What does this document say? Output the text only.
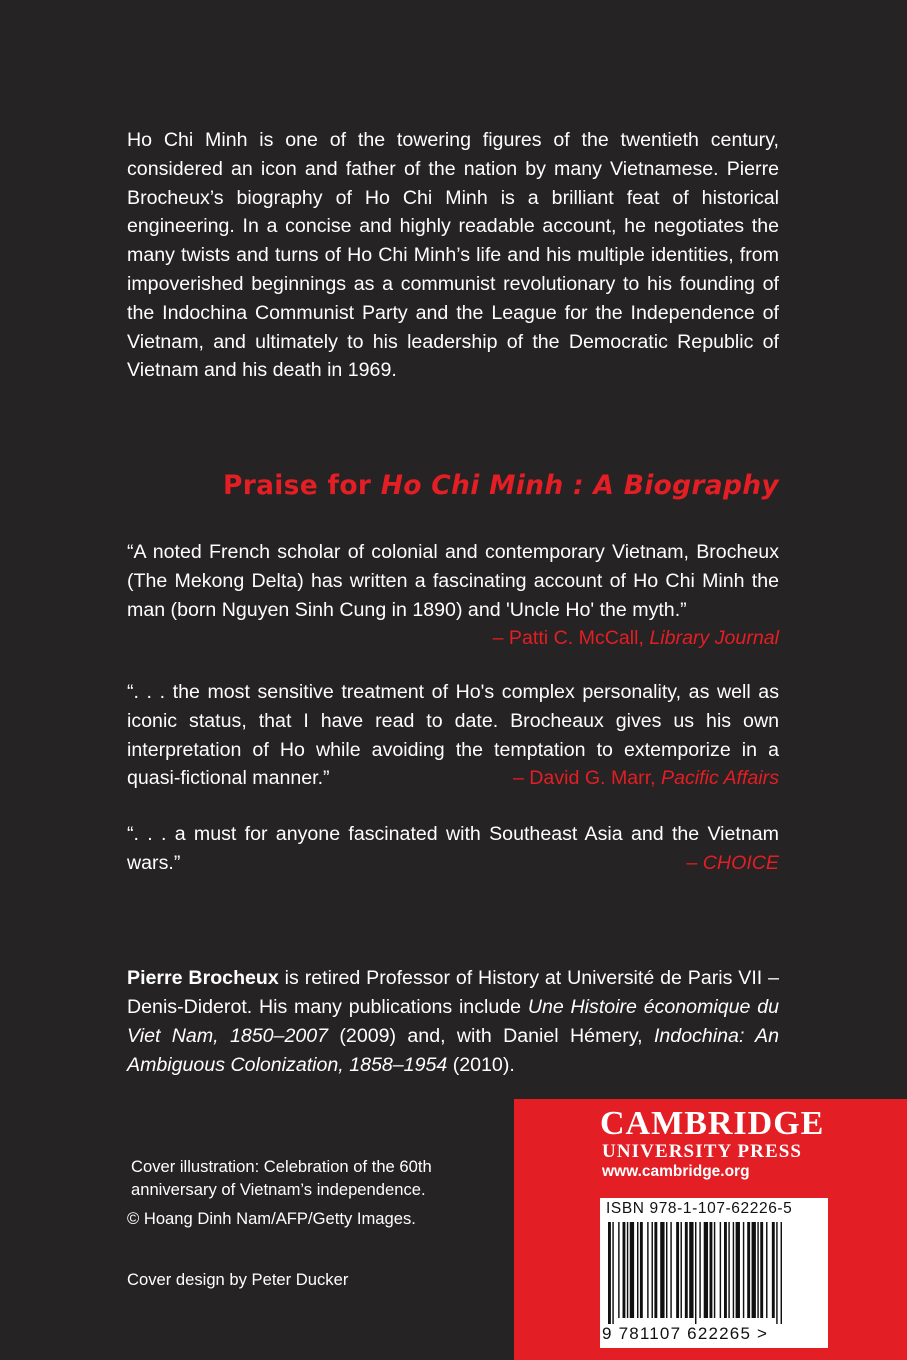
Ho Chi Minh is one of the towering figures of the twentieth century, considered an icon and father of the nation by many Vietnamese. Pierre Brocheux’s biography of Ho Chi Minh is a brilliant feat of historical engineering. In a concise and highly readable account, he negotiates the many twists and turns of Ho Chi Minh’s life and his multiple identities, from impoverished beginnings as a communist revolutionary to his founding of the Indochina Communist Party and the League for the Independence of Vietnam, and ultimately to his leadership of the Democratic Republic of Vietnam and his death in 1969.

Praise for Ho Chi Minh : A Biography
“A noted French scholar of colonial and contemporary Vietnam, Brocheux (The Mekong Delta) has written a fascinating account of Ho Chi Minh the man (born Nguyen Sinh Cung in 1890) and 'Uncle Ho' the myth.”
– Patti C. McCall, Library Journal
“. . . the most sensitive treatment of Ho's complex personality, as well as iconic status, that I have read to date. Brocheaux gives us his own interpretation of Ho while avoiding the temptation to extemporize in a quasi-fictional manner.”	– David G. Marr, Pacific Affairs
“. . . a must for anyone fascinated with Southeast Asia and the Vietnam wars.”	– CHOICE

Pierre Brocheux is retired Professor of History at Université de Paris VII – Denis-Diderot. His many publications include Une Histoire économique du Viet Nam, 1850–2007 (2009) and, with Daniel Hémery, Indochina: An Ambiguous Colonization, 1858–1954 (2010).

Cover illustration: Celebration of the 60th anniversary of Vietnam’s independence.

© Hoang Dinh Nam/AFP/Getty Images.

Cover design by Peter Ducker

CAMBRIDGE
UNIVERSITY PRESS
www.cambridge.org

ISBN 978-1-107-62226-5

9 781107 622265 >
